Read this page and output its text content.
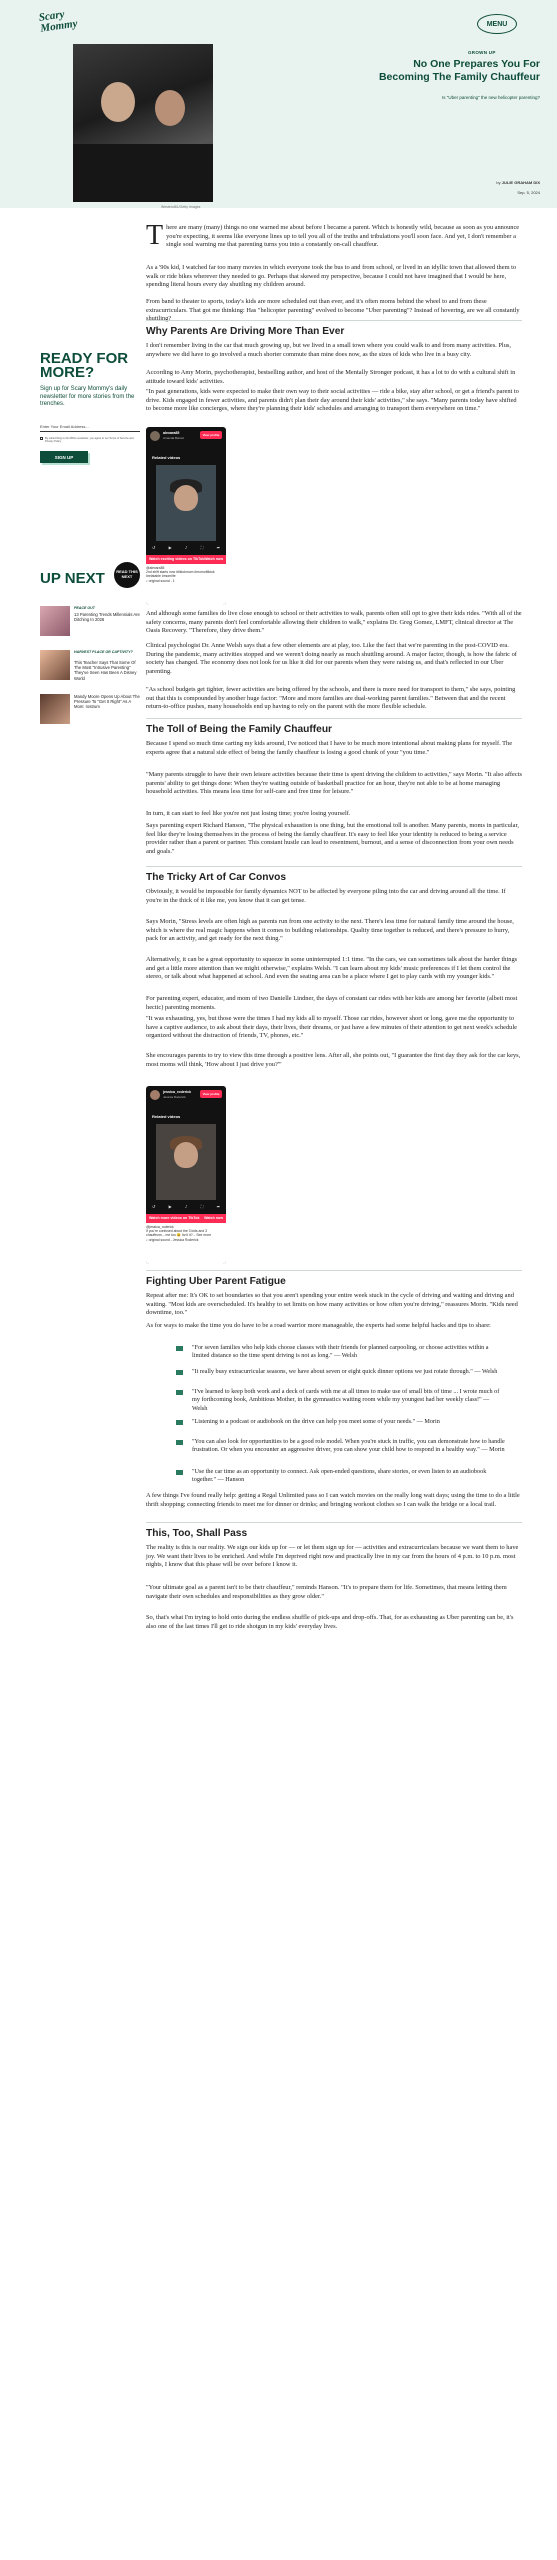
Scary Mommy	MENU
Westend61/Getty Images
GROWN UP
No One Prepares You For Becoming The Family Chauffeur
Is "Uber parenting" the new helicopter parenting?
by JULIE GRAHAM DIX
Sep. 5, 2024
READY FOR MORE?
Sign up for Scary Mommy's daily newsletter for more stories from the trenches.
Enter Your Email Address...
By subscribing to this BDG newsletter, you agree to our Terms of Service and Privacy Policy
SIGN UP
UP NEXT	READ THIS NEXT
PEACE OUT
13 Parenting Trends Millennials Are Ditching In 2026
HARVEST PLACE OR CAPTIVITY?
This Teacher Says That Some Of The Most "Intrusive Parenting" They've Seen Has Been A Disney World
Mandy Moore Opens Up About The Pressure To "Get It Right" As A Mom: rostrum
There are many (many) things no one warned me about before I became a parent. Which is honestly wild, because as soon as you announce you're expecting, it seems like everyone lines up to tell you all of the truths and tribulations you'll soon face. And yet, I don't remember a single soul warning me that parenting turns you into a constantly on-call chauffeur.
As a '90s kid, I watched far too many movies in which everyone took the bus to and from school, or lived in an idyllic town that allowed them to walk or ride bikes wherever they needed to go. Perhaps that skewed my perspective, because I could not have imagined that I would be here, spending literal hours every day shuttling my children around.
From band to theater to sports, today's kids are more scheduled out than ever, and it's often moms behind the wheel to and from these extracurriculars. That got me thinking: Has "helicopter parenting" evolved to become "Uber parenting"? Instead of hovering, are we all constantly shuttling?
Why Parents Are Driving More Than Ever
I don't remember living in the car that much growing up, but we lived in a small town where you could walk to and from many activities. Plus, anywhere we did have to go involved a much shorter commute than mine does now, as the sizes of kids who live in a busy city.
According to Amy Morin, psychotherapist, bestselling author, and host of the Mentally Stronger podcast, it has a lot to do with a cultural shift in attitude toward kids' activities.
"In past generations, kids were expected to make their own way to their social activities — ride a bike, stay after school, or get a friend's parent to drive. Kids engaged in fewer activities, and parents didn't plan their day around their kids' activities," she says. "Many parents today have shifted to become more like concierges, where they're planning their kids' schedules and arranging to transport them everywhere on time."
alexara85
Amanda Barrett
View profile
Related videos
↺	▶	♪	⛶	➦
Watch exciting videos on TikTok Watch now
@alexara85
2nd shift starts now #tiktokmom #momoftiktok #relatable #momlife
♪ original sound - 1
And although some families do live close enough to school or their activities to walk, parents often still opt to give their kids rides. "With all of the safety concerns, many parents don't feel comfortable allowing their children to walk," explains Dr. Greg Gomez, LMFT, clinical director at The Oasis Recovery. "Therefore, they drive them."
Clinical psychologist Dr. Anne Welsh says that a few other elements are at play, too. Like the fact that we're parenting in the post-COVID era. During the pandemic, many activities stopped and we weren't doing nearly as much shuttling around. A major factor, though, is how the fabric of society has changed. The economy does not look for us like it did for our parents when they were raising us, and that's reflected in our Uber parenting.
"As school budgets get tighter, fewer activities are being offered by the schools, and there is more need for transport to them," she says, pointing out that this is compounded by another huge factor: "More and more families are dual-working parent families." Between that and the recent return-to-office pushes, many households end up having to rely on the parent with the more flexible schedule.
The Toll of Being the Family Chauffeur
Because I spend so much time carting my kids around, I've noticed that I have to be much more intentional about making plans for myself. The experts agree that a natural side effect of being the family chauffeur is losing a good chunk of your "you time."
"Many parents struggle to have their own leisure activities because their time is spent driving the children to activities," says Morin. "It also affects parents' ability to get things done: When they're waiting outside of basketball practice for an hour, they're not able to be at home managing household activities. This means less time for self-care and free time for leisure."
In turn, it can start to feel like you're not just losing time; you're losing yourself.
Says parenting expert Richard Hanson, "The physical exhaustion is one thing, but the emotional toll is another. Many parents, moms in particular, feel like they're losing themselves in the process of being the family chauffeur. It's easy to feel like your identity is reduced to being a service provider rather than a parent or partner. This constant hustle can lead to resentment, burnout, and a sense of disconnection from your own needs and goals."
The Tricky Art of Car Convos
Obviously, it would be impossible for family dynamics NOT to be affected by everyone piling into the car and driving around all the time. If you're in the thick of it like me, you know that it can get tense.
Says Morin, "Stress levels are often high as parents run from one activity to the next. There's less time for natural family time around the house, which is where the real magic happens when it comes to building relationships. Quality time together is reduced, and there's pressure to hurry, pack for an activity, and get ready for the next thing."
Alternatively, it can be a great opportunity to squeeze in some uninterrupted 1:1 time. "In the cars, we can sometimes talk about the harder things and get a little more attention than we might otherwise," explains Welsh. "I can learn about my kids' music preferences if I let them control the stereo, or talk about what happened at school. And even the seating area can be a place where I get to play cards with my younger kids."
For parenting expert, educator, and mom of two Danielle Lindner, the days of constant car rides with her kids are among her favorite (albeit most hectic) parenting moments.
"It was exhausting, yes, but those were the times I had my kids all to myself. Those car rides, however short or long, gave me the opportunity to have a captive audience, to ask about their days, their lives, their dreams, or just have a few minutes of their attention to get next week's schedule organized without the distraction of friends, TV, phones, etc."
She encourages parents to try to view this time through a positive lens. After all, she points out, "I guarantee the first day they ask for the car keys, most moms will think, 'How about I just drive you?'"
jessica_roderick
Jessica Roderick
View profile
Related videos
↺	▶	♪	⛶	➦
Watch more videos on TikTok Watch now
@jessica_roderick
If you're confused about the 3 kids and 3 chauffeurs... me too 😩 Isn't it?... See more
♪ original sound - Jessica Roderick
Fighting Uber Parent Fatigue
Repeat after me: It's OK to set boundaries so that you aren't spending your entire week stuck in the cycle of driving and waiting and driving and waiting. "Most kids are overscheduled. It's healthy to set limits on how many activities or how often you're driving," reassures Morin. "Kids need downtime, too."
As for ways to make the time you do have to be a road warrior more manageable, the experts had some helpful hacks and tips to share:
"For seven families who help kids choose classes with their friends for planned carpooling, or choose activities within a limited distance so the time spent driving is not as long." — Welsh
"It really busy extracurricular seasons, we have about seven or eight quick dinner options we just rotate through." — Welsh
"I've learned to keep both work and a deck of cards with me at all times to make use of small bits of time ... I wrote much of my forthcoming book, Ambitious Mother, in the gymnastics waiting room while my youngest had her weekly class!" — Welsh
"Listening to a podcast or audiobook on the drive can help you meet some of your needs." — Morin
"You can also look for opportunities to be a good role model. When you're stuck in traffic, you can demonstrate how to handle frustration. Or when you encounter an aggressive driver, you can show your child how to respond in a healthy way." — Morin
"Use the car time as an opportunity to connect. Ask open-ended questions, share stories, or even listen to an audiobook together." — Hanson
A few things I've found really help: getting a Regal Unlimited pass so I can watch movies on the really long wait days; using the time to do a little thrift shopping; connecting friends to meet me for dinner or drinks; and bringing workout clothes so I can walk the bridge or a local trail.
This, Too, Shall Pass
The reality is this is our reality. We sign our kids up for — or let them sign up for — activities and extracurriculars because we want them to have joy. We want their lives to be enriched. And while I'm deprived right now and practically live in my car from the hours of 4 p.m. to 10 p.m. most nights, I know that this phase will be over before I know it.
"Your ultimate goal as a parent isn't to be their chauffeur," reminds Hanson. "It's to prepare them for life. Sometimes, that means letting them navigate their own schedules and responsibilities as they grow older."
So, that's what I'm trying to hold onto during the endless shuffle of pick-ups and drop-offs. That, for as exhausting as Uber parenting can be, it's also one of the last times I'll get to ride shotgun in my kids' everyday lives.
